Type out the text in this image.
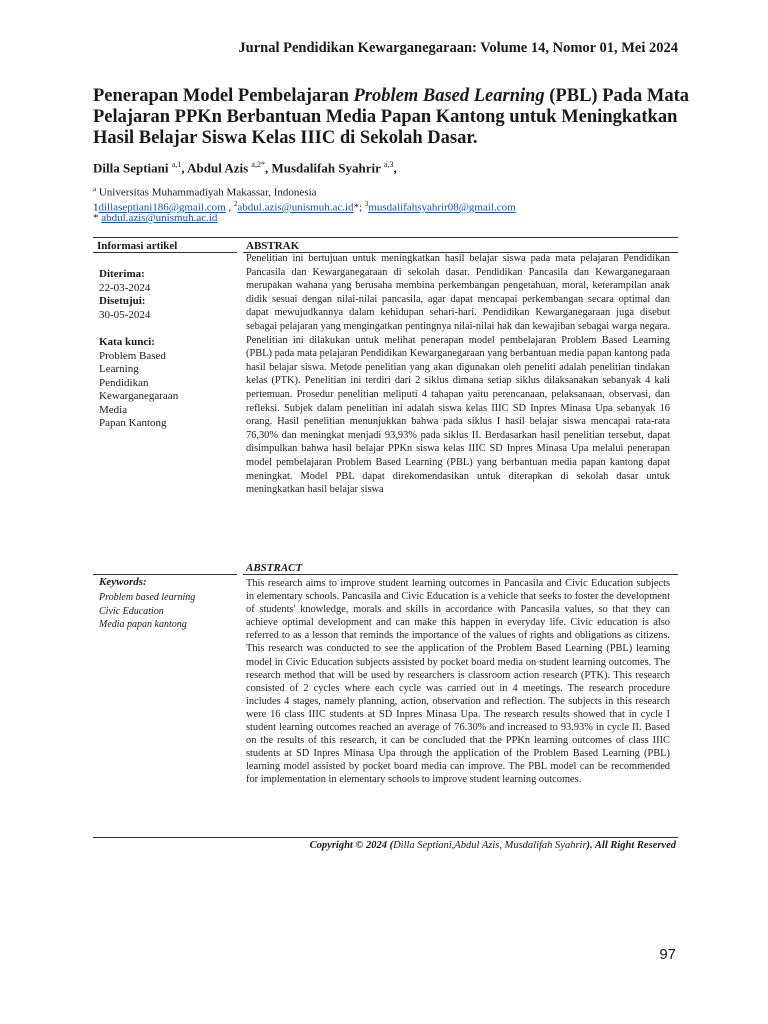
Jurnal Pendidikan Kewarganegaraan: Volume 14, Nomor 01, Mei 2024
Penerapan Model Pembelajaran Problem Based Learning (PBL) Pada Mata Pelajaran PPKn Berbantuan Media Papan Kantong untuk Meningkatkan Hasil Belajar Siswa Kelas IIIC di Sekolah Dasar.
Dilla Septiani $^{a,1}$, Abdul Azis $^{a,2*}$, Musdalifah Syahrir $^{a,3}$,
$^a$ Universitas Muhammadiyah Makassar, Indonesia
1dillaseptiani186@gmail.com , $^2$abdul.azis@unismuh.ac.id*; $^3$musdalifahsyahrir08@gmail.com
* abdul.azis@unismuh.ac.id
Informasi artikel	ABSTRAK
Diterima:
22-03-2024
Disetujui:
30-05-2024
Kata kunci:
Problem Based
Learning
Pendidikan
Kewarganegaraan
Media
Papan Kantong
Penelitian ini bertujuan untuk meningkatkan hasil belajar siswa pada mata pelajaran Pendidikan Pancasila dan Kewarganegaraan di sekolah dasar. Pendidikan Pancasila dan Kewarganegaraan merupakan wahana yang berusaha membina perkembangan pengetahuan, moral, keterampilan anak didik sesuai dengan nilai-nilai pancasila, agar dapat mencapai perkembangan secara optimal dan dapat mewujudkannya dalam kehidupan sehari-hari. Pendidikan Kewarganegaraan juga disebut sebagai pelajaran yang mengingatkan pentingnya nilai-nilai hak dan kewajiban sebagai warga negara. Penelitian ini dilakukan untuk melihat penerapan model pembelajaran Problem Based Learning (PBL) pada mata pelajaran Pendidikan Kewarganegaraan yang berbantuan media papan kantong pada hasil belajar siswa. Metode penelitian yang akan digunakan oleh peneliti adalah penelitian tindakan kelas (PTK). Penelitian ini terdiri dari 2 siklus dimana setiap siklus dilaksanakan sebanyak 4 kali pertemuan. Prosedur penelitian meliputi 4 tahapan yaitu perencanaan, pelaksanaan, observasi, dan refleksi. Subjek dalam penelitian ini adalah siswa kelas IIIC SD Inpres Minasa Upa sebanyak 16 orang. Hasil penelitian menunjukkan bahwa pada siklus I hasil belajar siswa mencapai rata-rata 76,30% dan meningkat menjadi 93,93% pada siklus II. Berdasarkan hasil penelitian tersebut, dapat disimpulkan bahwa hasil belajar PPKn siswa kelas IIIC SD Inpres Minasa Upa melalui penerapan model pembelajaran Problem Based Learning (PBL) yang berbantuan media papan kantong dapat meningkat. Model PBL dapat direkomendasikan untuk diterapkan di sekolah dasar untuk meningkatkan hasil belajar siswa
ABSTRACT
Keywords:
Problem based learning
Civic Education
Media papan kantong
This research aims to improve student learning outcomes in Pancasila and Civic Education subjects in elementary schools. Pancasila and Civic Education is a vehicle that seeks to foster the development of students' knowledge, morals and skills in accordance with Pancasila values, so that they can achieve optimal development and can make this happen in everyday life. Civic education is also referred to as a lesson that reminds the importance of the values of rights and obligations as citizens. This research was conducted to see the application of the Problem Based Learning (PBL) learning model in Civic Education subjects assisted by pocket board media on student learning outcomes. The research method that will be used by researchers is classroom action research (PTK). This research consisted of 2 cycles where each cycle was carried out in 4 meetings. The research procedure includes 4 stages, namely planning, action, observation and reflection. The subjects in this research were 16 class IIIC students at SD Inpres Minasa Upa. The research results showed that in cycle I student learning outcomes reached an average of 76.30% and increased to 93.93% in cycle II. Based on the results of this research, it can be concluded that the PPKn learning outcomes of class IIIC students at SD Inpres Minasa Upa through the application of the Problem Based Learning (PBL) learning model assisted by pocket board media can improve. The PBL model can be recommended for implementation in elementary schools to improve student learning outcomes.
Copyright © 2024 (Dilla Septiani,Abdul Azis, Musdalifah Syahrir). All Right Reserved
97
